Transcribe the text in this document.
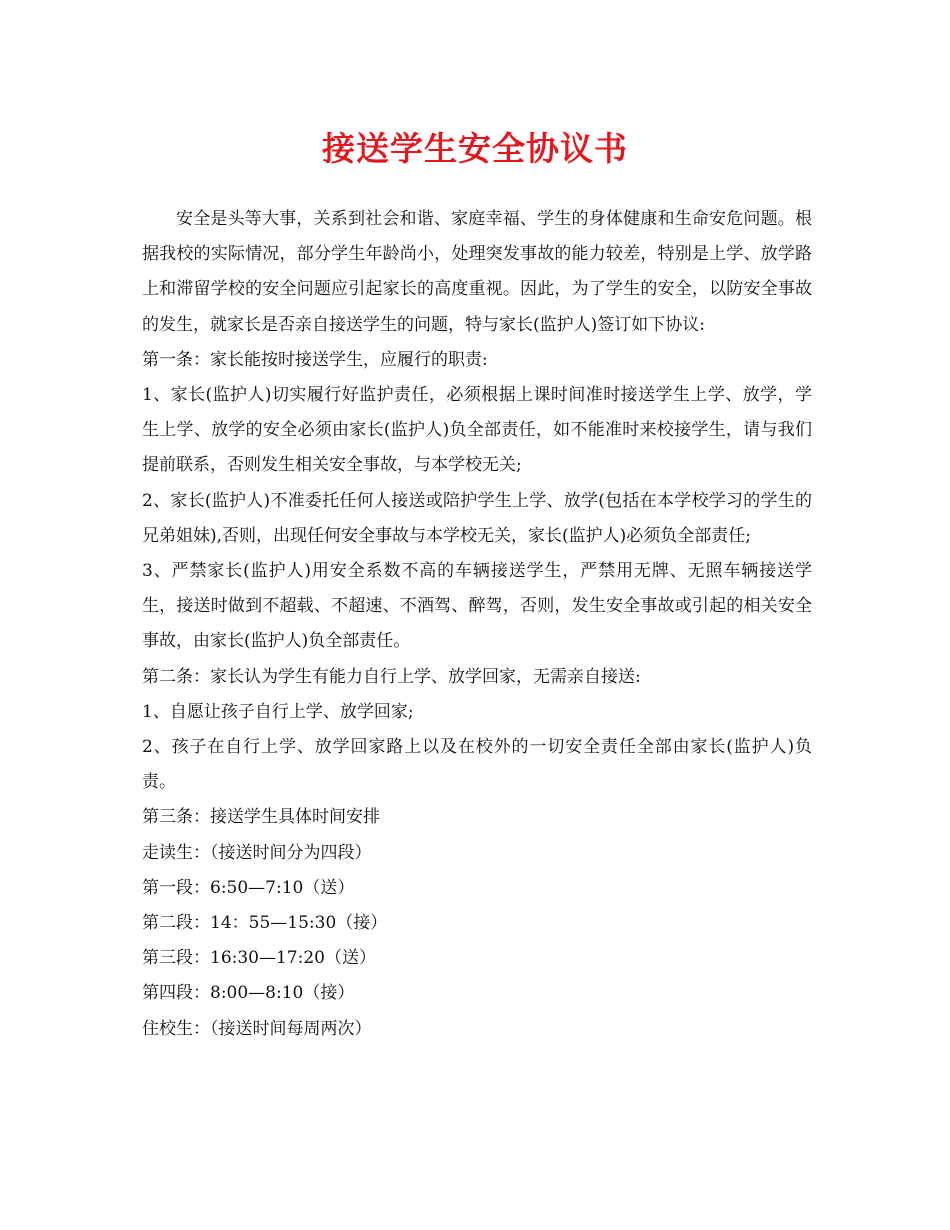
接送学生安全协议书

安全是头等大事，关系到社会和谐、家庭幸福、学生的身体健康和生命安危问题。根据我校的实际情况，部分学生年龄尚小，处理突发事故的能力较差，特别是上学、放学路上和滞留学校的安全问题应引起家长的高度重视。因此，为了学生的安全，以防安全事故的发生，就家长是否亲自接送学生的问题，特与家长(监护人)签订如下协议:

第一条：家长能按时接送学生，应履行的职责:

1、家长(监护人)切实履行好监护责任，必须根据上课时间准时接送学生上学、放学，学生上学、放学的安全必须由家长(监护人)负全部责任，如不能准时来校接学生，请与我们提前联系，否则发生相关安全事故，与本学校无关;

2、家长(监护人)不准委托任何人接送或陪护学生上学、放学(包括在本学校学习的学生的兄弟姐妹),否则，出现任何安全事故与本学校无关，家长(监护人)必须负全部责任;

3、严禁家长(监护人)用安全系数不高的车辆接送学生，严禁用无牌、无照车辆接送学生，接送时做到不超载、不超速、不酒驾、醉驾，否则，发生安全事故或引起的相关安全事故，由家长(监护人)负全部责任。

第二条：家长认为学生有能力自行上学、放学回家，无需亲自接送:

1、自愿让孩子自行上学、放学回家;

2、孩子在自行上学、放学回家路上以及在校外的一切安全责任全部由家长(监护人)负责。

第三条：接送学生具体时间安排

走读生：（接送时间分为四段）

第一段：6:50—7:10（送）

第二段：14：55—15:30（接）

第三段：16:30—17:20（送）

第四段：8:00—8:10（接）

住校生：（接送时间每周两次）
